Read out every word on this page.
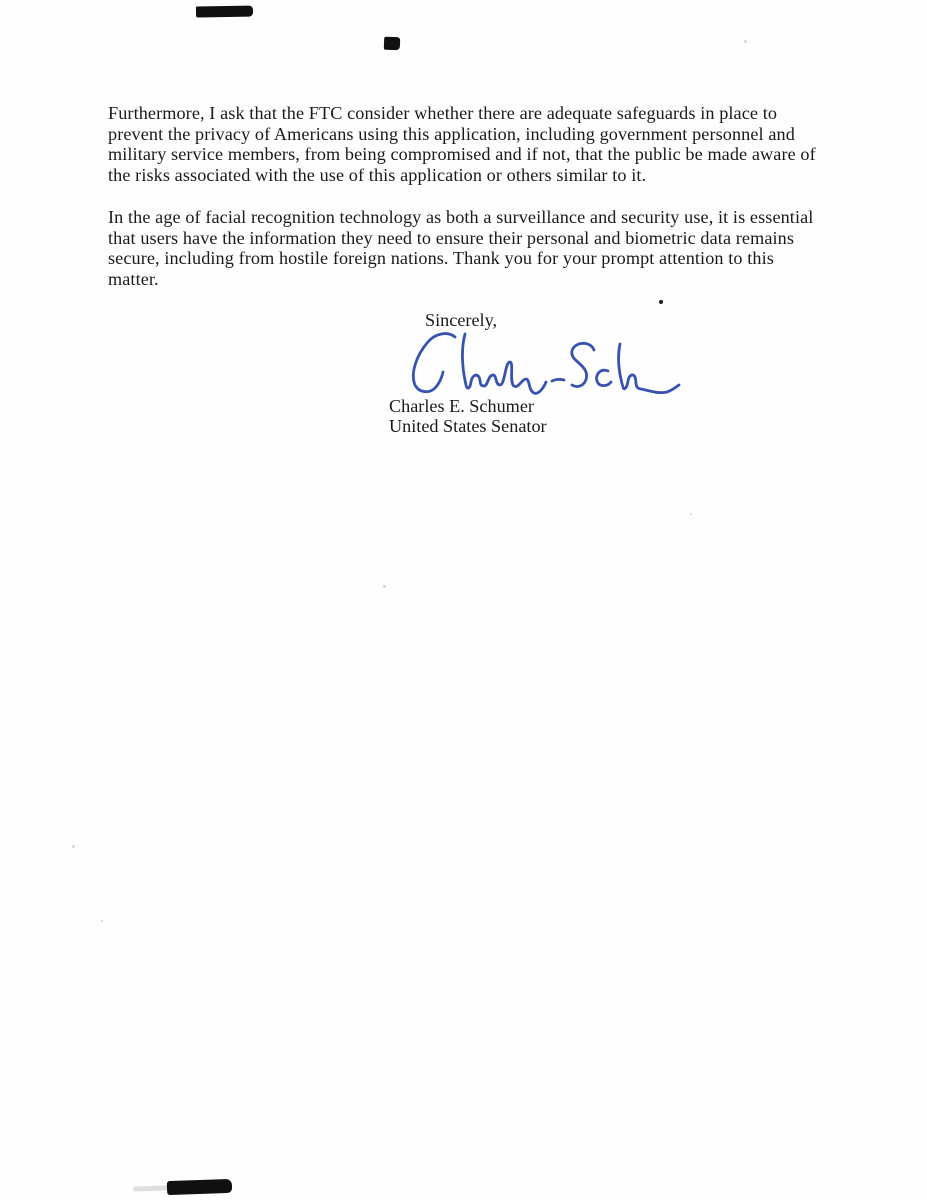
Furthermore, I ask that the FTC consider whether there are adequate safeguards in place to
prevent the privacy of Americans using this application, including government personnel and
military service members, from being compromised and if not, that the public be made aware of
the risks associated with the use of this application or others similar to it.
In the age of facial recognition technology as both a surveillance and security use, it is essential
that users have the information they need to ensure their personal and biometric data remains
secure, including from hostile foreign nations. Thank you for your prompt attention to this
matter.
Sincerely,
Charles E. Schumer
United States Senator
